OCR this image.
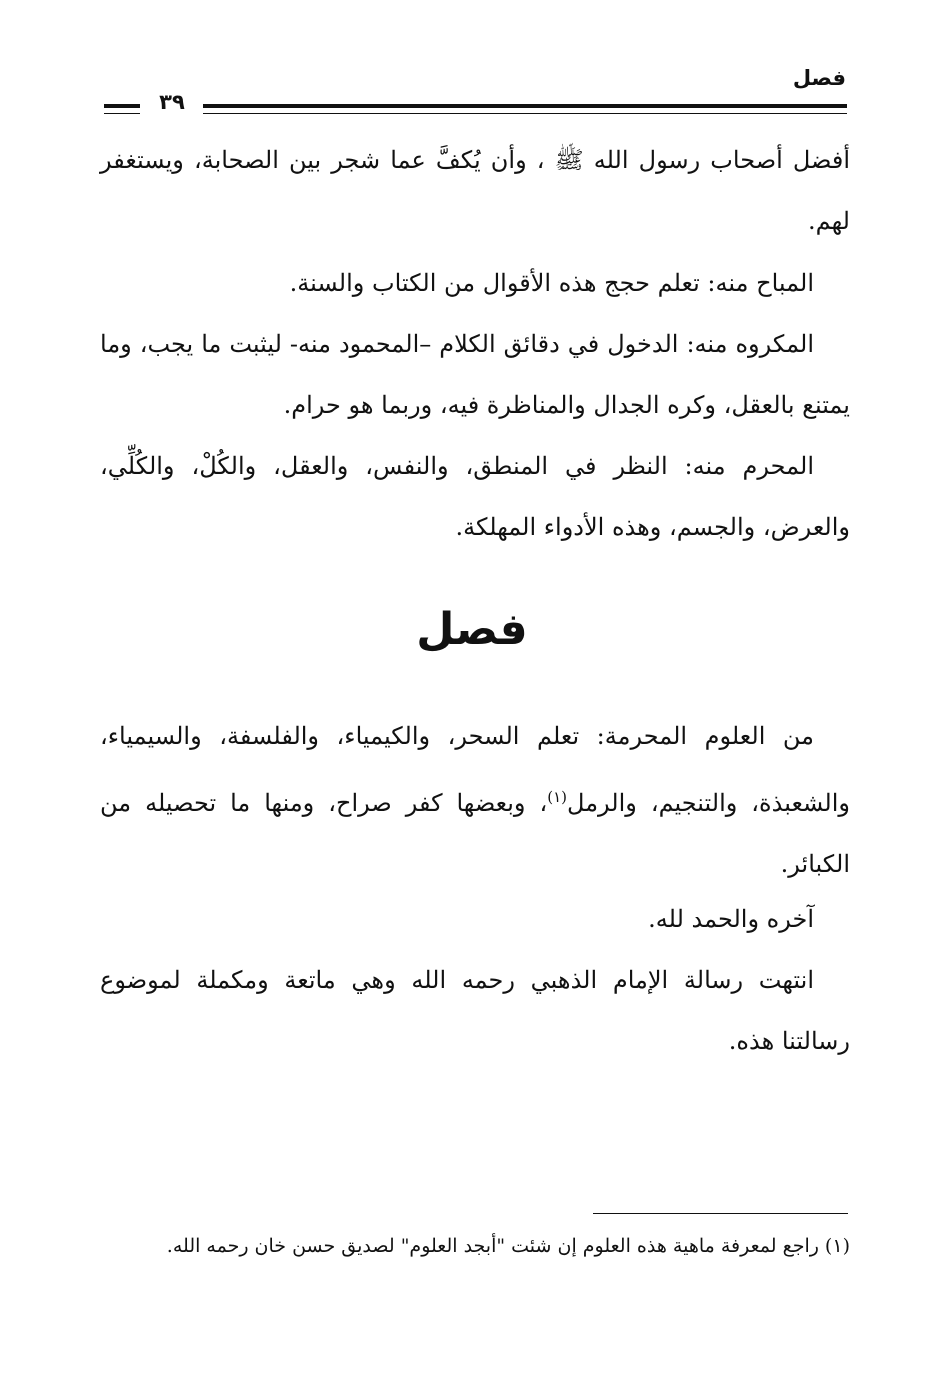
فصل
٣٩

أفضل أصحاب رسول الله ﷺ ، وأن يُكفَّ عما شجر بين الصحابة، ويستغفر لهم.

المباح منه: تعلم حجج هذه الأقوال من الكتاب والسنة.

المكروه منه: الدخول في دقائق الكلام –المحمود منه- ليثبت ما يجب، وما يمتنع بالعقل، وكره الجدال والمناظرة فيه، وربما هو حرام.

المحرم منه: النظر في المنطق، والنفس، والعقل، والكُلْ، والكُلِّي، والعرض، والجسم، وهذه الأدواء المهلكة.

فصل

من العلوم المحرمة: تعلم السحر، والكيمياء، والفلسفة، والسيمياء، والشعبذة، والتنجيم، والرمل$^{(١)}$، وبعضها كفر صراح، ومنها ما تحصيله من الكبائر.

آخره والحمد لله.

انتهت رسالة الإمام الذهبي رحمه الله وهي ماتعة ومكملة لموضوع رسالتنا هذه.

(١) راجع لمعرفة ماهية هذه العلوم إن شئت "أبجد العلوم" لصديق حسن خان رحمه الله.
